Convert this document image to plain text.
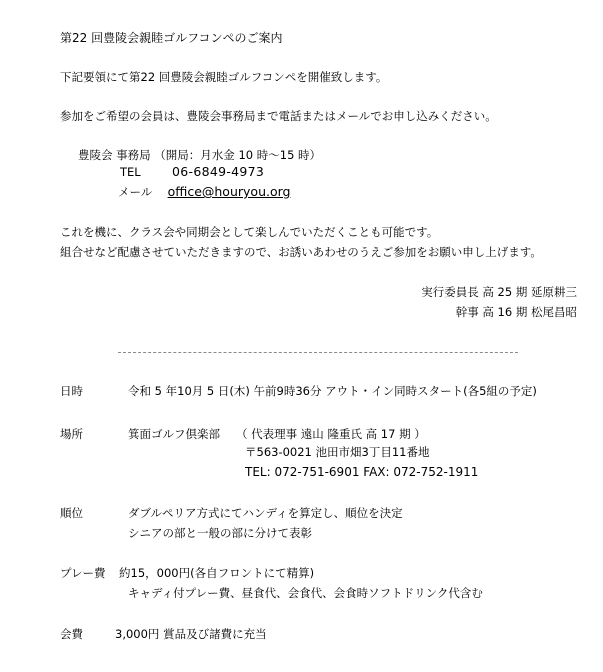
第22 回豊陵会親睦ゴルフコンペのご案内
下記要領にて第22 回豊陵会親睦ゴルフコンペを開催致します。
参加をご希望の会員は、豊陵会事務局まで電話またはメールでお申し込みください。
豊陵会 事務局 （開局：月水金 10 時～15 時）
TEL	06-6849-4973
メール office@houryou.org
これを機に、クラス会や同期会として楽しんでいただくことも可能です。
組合せなど配慮させていただきますので、お誘いあわせのうえご参加をお願い申し上げます。
実行委員長 高 25 期 延原耕三
幹事 高 16 期 松尾昌昭
日時	令和 5 年10月 5 日(木) 午前9時36分 アウト・イン同時スタート(各5組の予定)
場所	箕面ゴルフ倶楽部 （ 代表理事 遠山 隆重氏 高 17 期 ）
〒563-0021 池田市畑3丁目11番地
TEL: 072-751-6901 FAX: 072-752-1911
順位	ダブルペリア方式にてハンディを算定し、順位を決定
シニアの部と一般の部に分けて表彰
プレー費 約15，000円(各自フロントにて精算)
キャディ付プレー費、昼食代、会食代、会食時ソフトドリンク代含む
会費	3,000円 賞品及び諸費に充当
